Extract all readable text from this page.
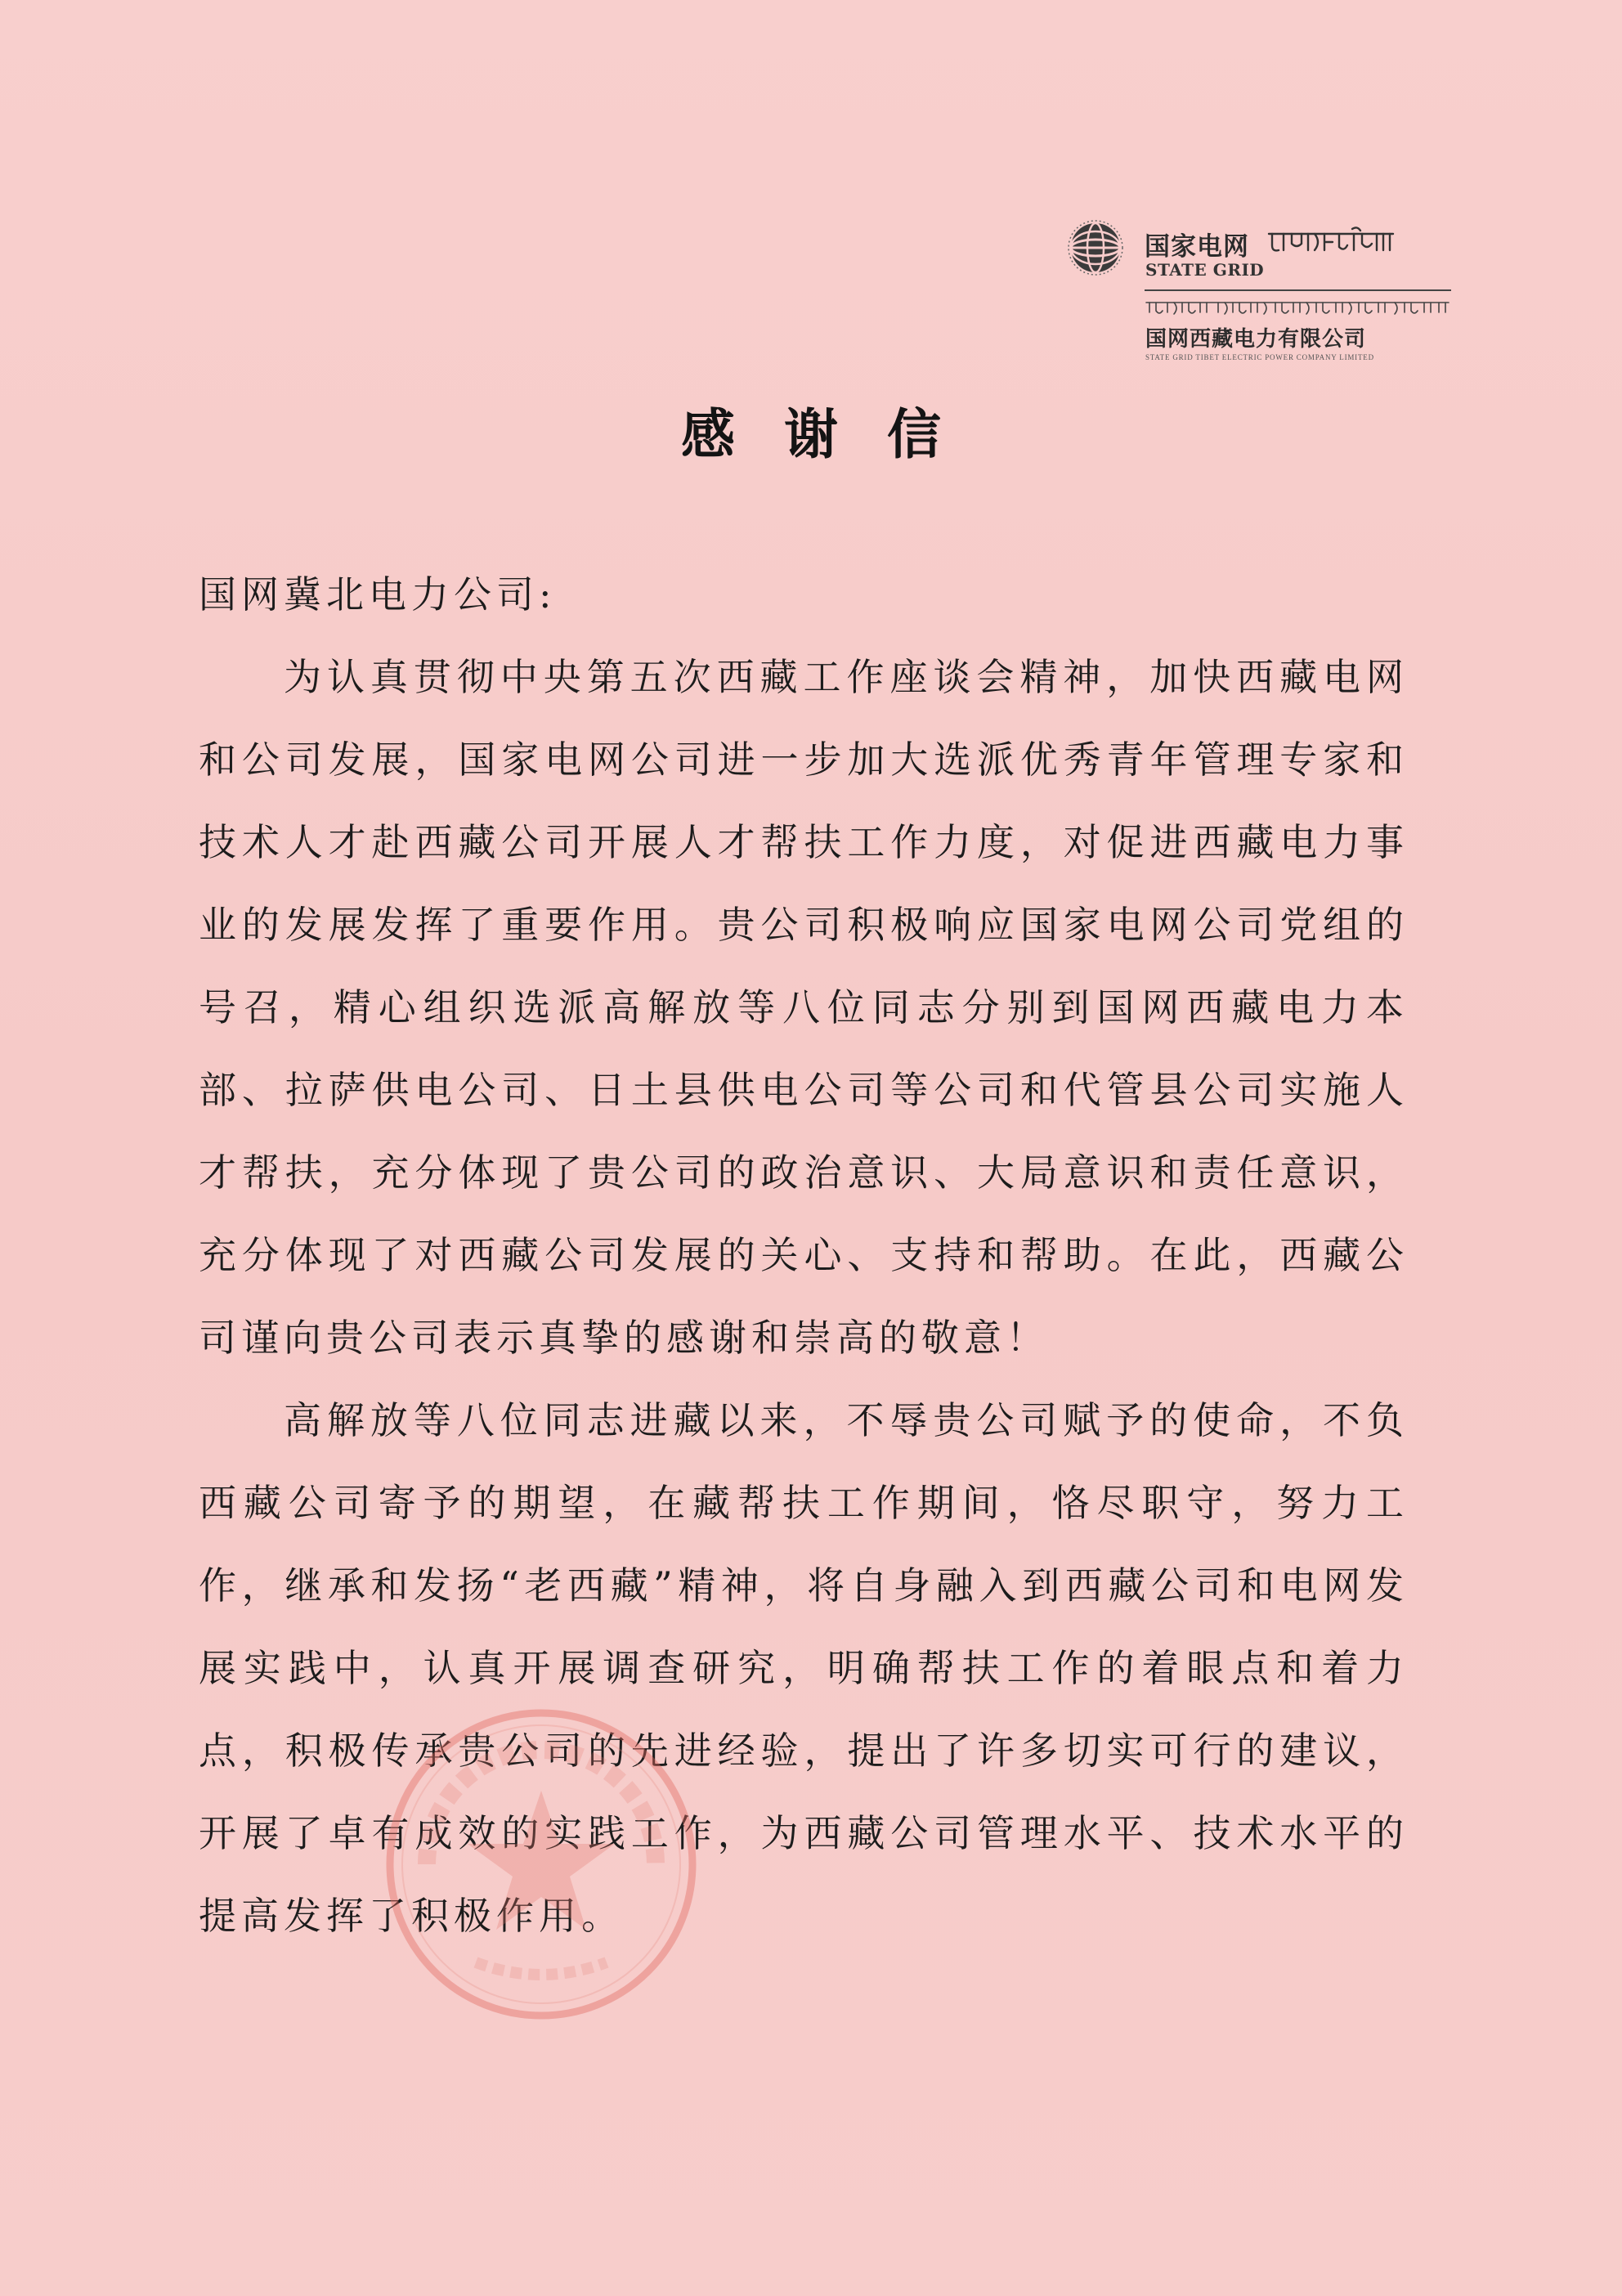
国家电网
STATE GRID
国网西藏电力有限公司
STATE GRID TIBET ELECTRIC POWER COMPANY LIMITED
感谢信

国网冀北电力公司:

为认真贯彻中央第五次西藏工作座谈会精神，加快西藏电网和公司发展，国家电网公司进一步加大选派优秀青年管理专家和技术人才赴西藏公司开展人才帮扶工作力度，对促进西藏电力事业的发展发挥了重要作用。贵公司积极响应国家电网公司党组的号召，精心组织选派高解放等八位同志分别到国网西藏电力本部、拉萨供电公司、日土县供电公司等公司和代管县公司实施人才帮扶，充分体现了贵公司的政治意识、大局意识和责任意识，充分体现了对西藏公司发展的关心、支持和帮助。在此，西藏公司谨向贵公司表示真挚的感谢和崇高的敬意！

高解放等八位同志进藏以来，不辱贵公司赋予的使命，不负西藏公司寄予的期望，在藏帮扶工作期间，恪尽职守，努力工作，继承和发扬“老西藏”精神，将自身融入到西藏公司和电网发展实践中，认真开展调查研究，明确帮扶工作的着眼点和着力点，积极传承贵公司的先进经验，提出了许多切实可行的建议，开展了卓有成效的实践工作，为西藏公司管理水平、技术水平的提高发挥了积极作用。
